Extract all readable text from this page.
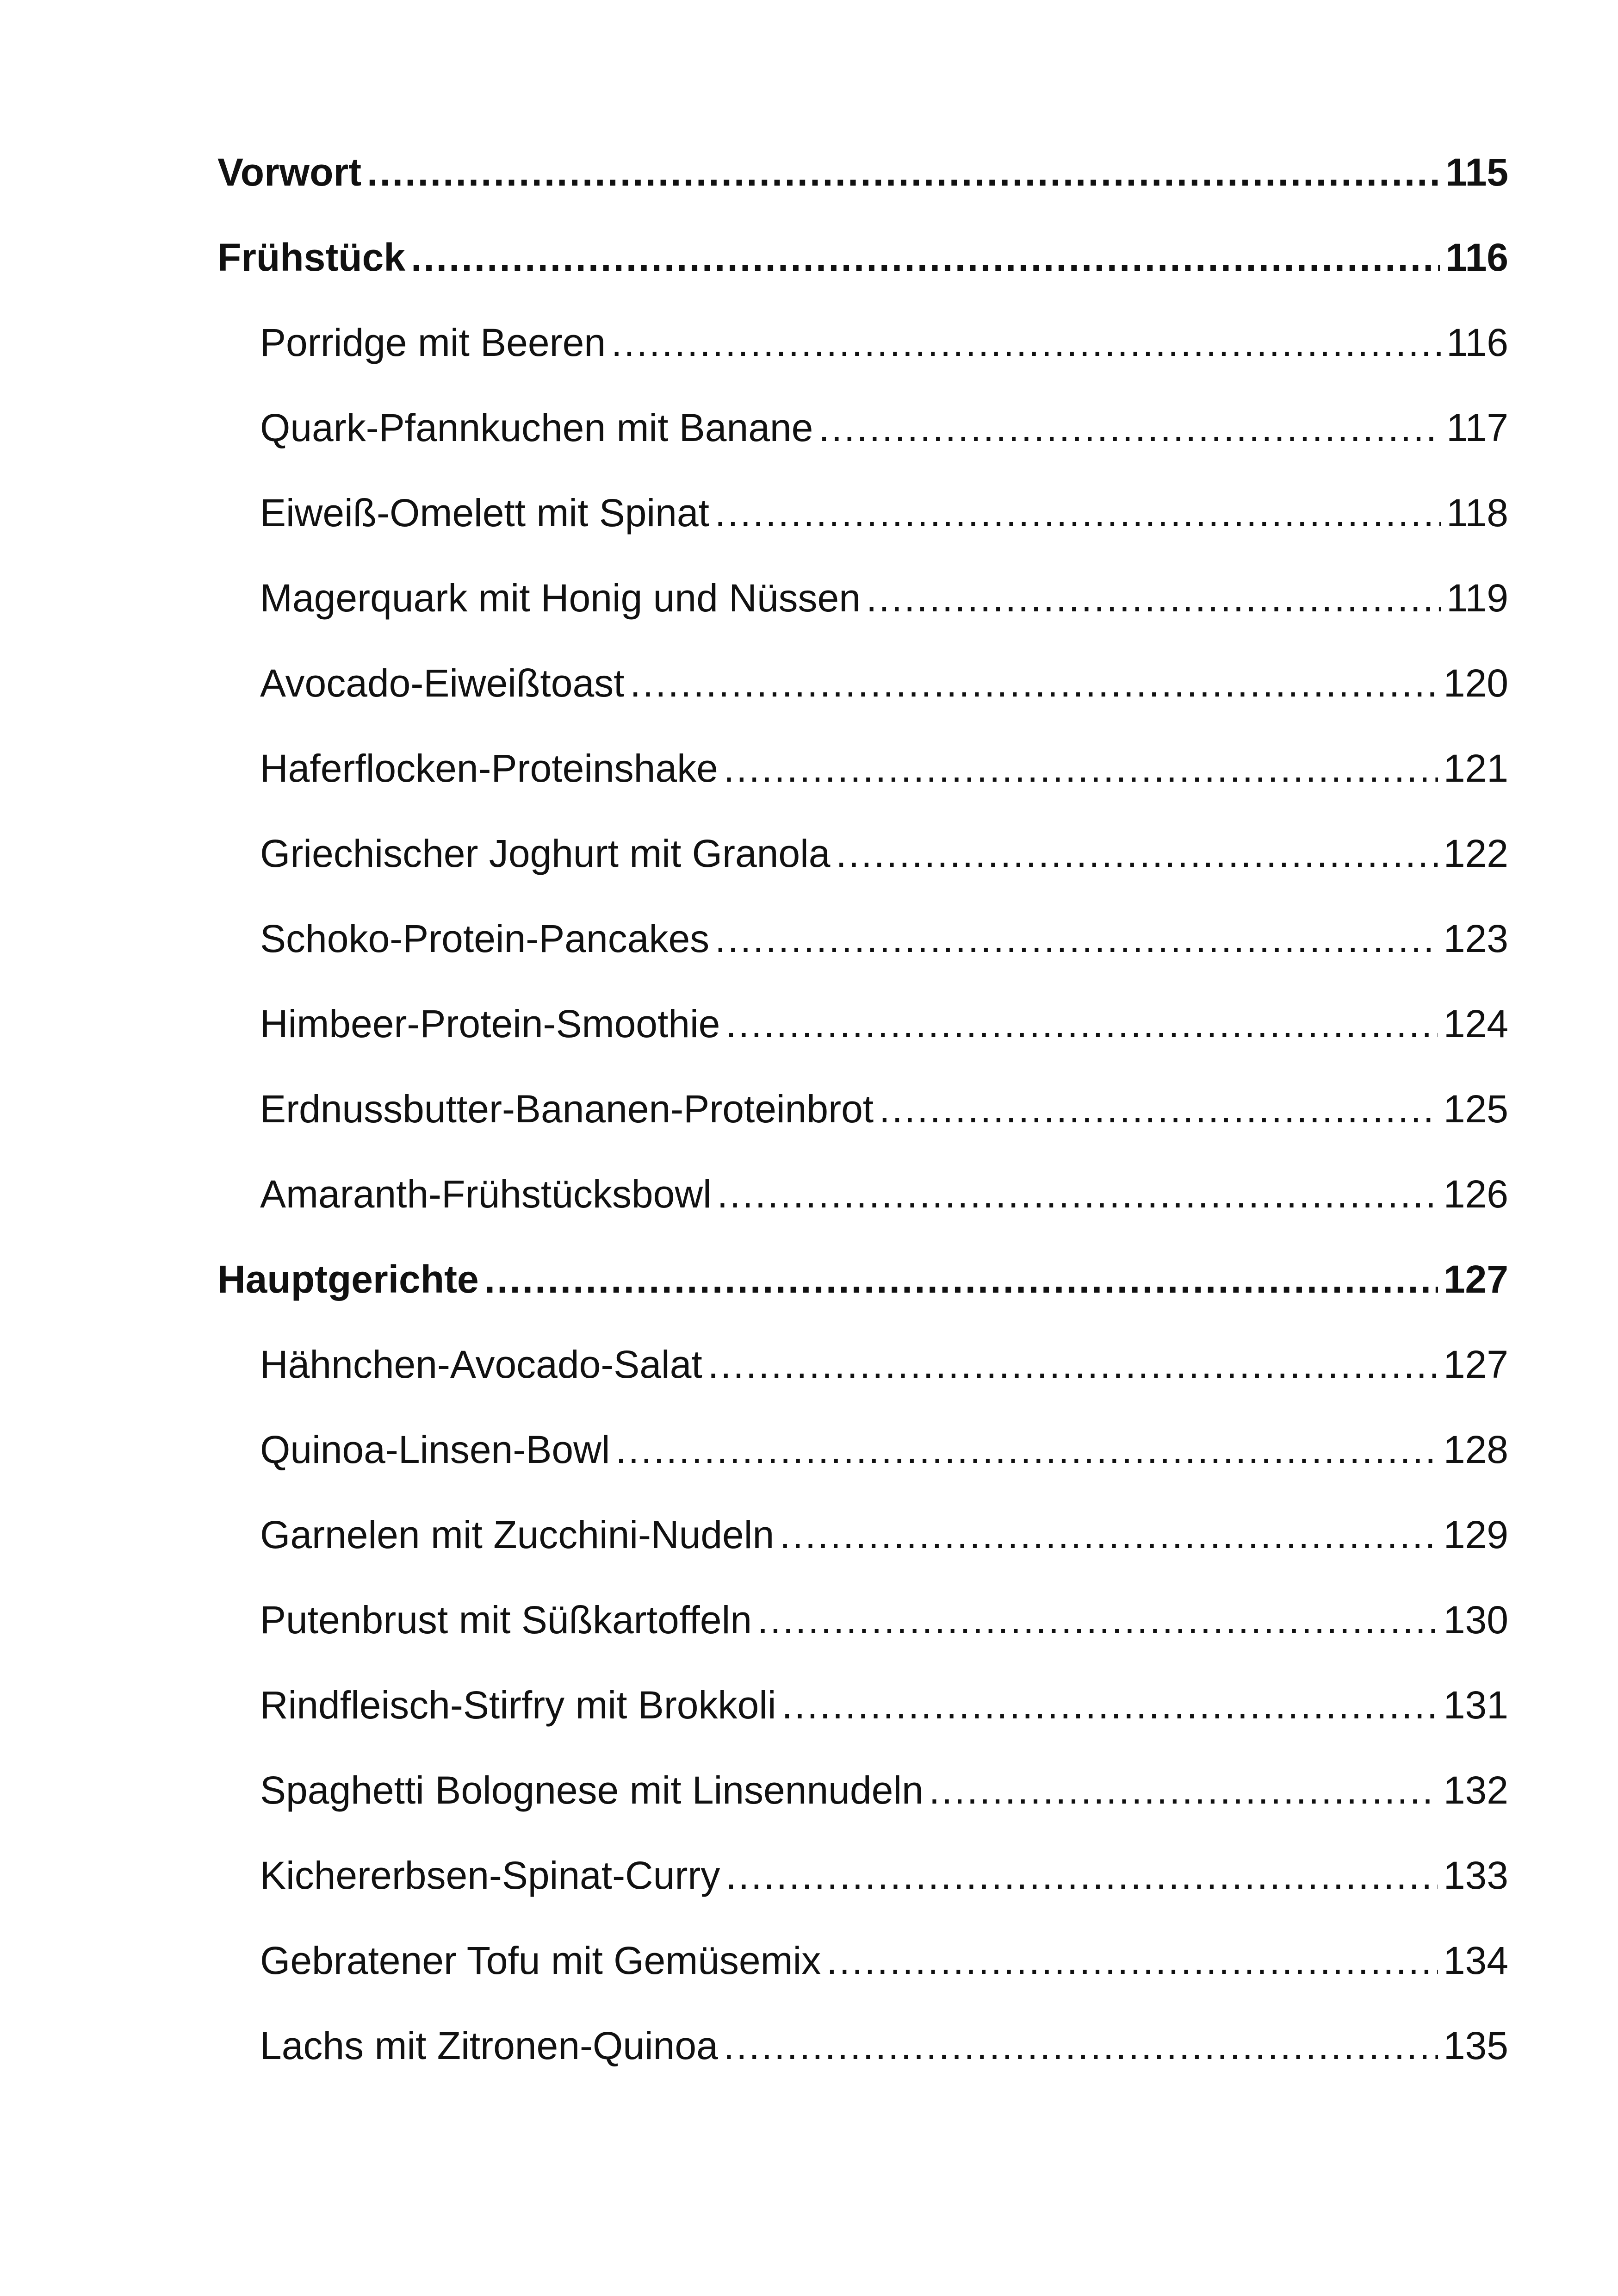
Vorwort .....	115
Frühstück .....	116
Porridge mit Beeren .....	116
Quark-Pfannkuchen mit Banane .....	117
Eiweiß-Omelett mit Spinat .....	118
Magerquark mit Honig und Nüssen .....	119
Avocado-Eiweißtoast .....	120
Haferflocken-Proteinshake .....	121
Griechischer Joghurt mit Granola .....	122
Schoko-Protein-Pancakes .....	123
Himbeer-Protein-Smoothie .....	124
Erdnussbutter-Bananen-Proteinbrot .....	125
Amaranth-Frühstücksbowl .....	126
Hauptgerichte .....	127
Hähnchen-Avocado-Salat .....	127
Quinoa-Linsen-Bowl .....	128
Garnelen mit Zucchini-Nudeln .....	129
Putenbrust mit Süßkartoffeln .....	130
Rindfleisch-Stirfry mit Brokkoli .....	131
Spaghetti Bolognese mit Linsennudeln .....	132
Kichererbsen-Spinat-Curry .....	133
Gebratener Tofu mit Gemüsemix .....	134
Lachs mit Zitronen-Quinoa .....	135
